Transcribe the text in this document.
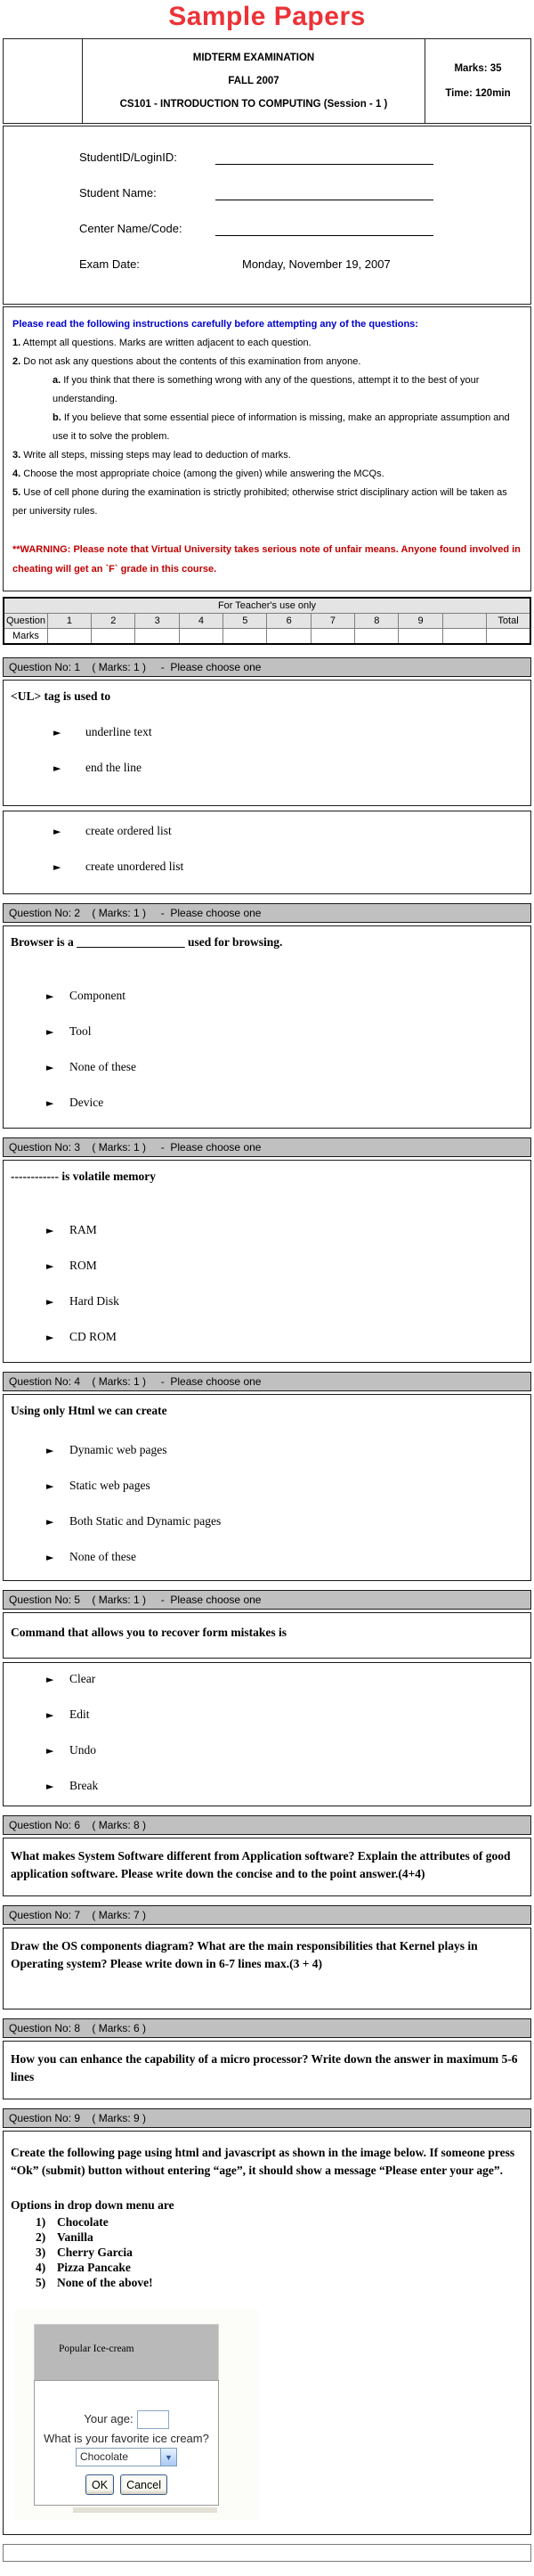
Sample Papers
MIDTERM EXAMINATION
FALL 2007
CS101 - INTRODUCTION TO COMPUTING (Session - 1 )
Marks: 35
Time: 120min
StudentID/LoginID:
Student Name:
Center Name/Code:
Exam Date:	Monday, November 19, 2007
Please read the following instructions carefully before attempting any of the questions:
1. Attempt all questions. Marks are written adjacent to each question.
2. Do not ask any questions about the contents of this examination from anyone.
a. If you think that there is something wrong with any of the questions, attempt it to the best of your understanding.
b. If you believe that some essential piece of information is missing, make an appropriate assumption and use it to solve the problem.
3. Write all steps, missing steps may lead to deduction of marks.
4. Choose the most appropriate choice (among the given) while answering the MCQs.
5. Use of cell phone during the examination is strictly prohibited; otherwise strict disciplinary action will be taken as per university rules.
**WARNING: Please note that Virtual University takes serious note of unfair means. Anyone found involved in cheating will get an `F` grade in this course.
For Teacher's use only											
Question	1	2	3	4	5	6	7	8	9		Total
Marks											
Question No: 1    ( Marks: 1 )     -  Please choose one
<UL> tag is used to
►	underline text
►	end the line
►	create ordered list
►	create unordered list
Question No: 2    ( Marks: 1 )     -  Please choose one
Browser is a __________________ used for browsing.
►	Component
►	Tool
►	None of these
►	Device
Question No: 3    ( Marks: 1 )     -  Please choose one
------------ is volatile memory
►	RAM
►	ROM
►	Hard Disk
►	CD ROM
Question No: 4    ( Marks: 1 )     -  Please choose one
Using only Html we can create
►	Dynamic web pages
►	Static web pages
►	Both Static and Dynamic pages
►	None of these
Question No: 5    ( Marks: 1 )     -  Please choose one
Command that allows you to recover form mistakes is
►	Clear
►	Edit
►	Undo
►	Break
Question No: 6    ( Marks: 8 )
What makes System Software different from Application software? Explain the attributes of good application software. Please write down the concise and to the point answer.(4+4)
Question No: 7    ( Marks: 7 )
Draw the OS components diagram? What are the main responsibilities that Kernel plays in Operating system? Please write down in 6-7 lines max.(3 + 4)
Question No: 8    ( Marks: 6 )
How you can enhance the capability of a micro processor? Write down the answer in maximum 5-6 lines
Question No: 9    ( Marks: 9 )
Create the following page using html and javascript as shown in the image below. If someone press “Ok” (submit) button without entering “age”, it should show a message “Please enter your age”.
Options in drop down menu are
1) Chocolate
2) Vanilla
3) Cherry Garcia
4) Pizza Pancake
5) None of the above!
Popular Ice-cream
Your age:
What is your favorite ice cream?
Chocolate	▼
OK	Cancel
